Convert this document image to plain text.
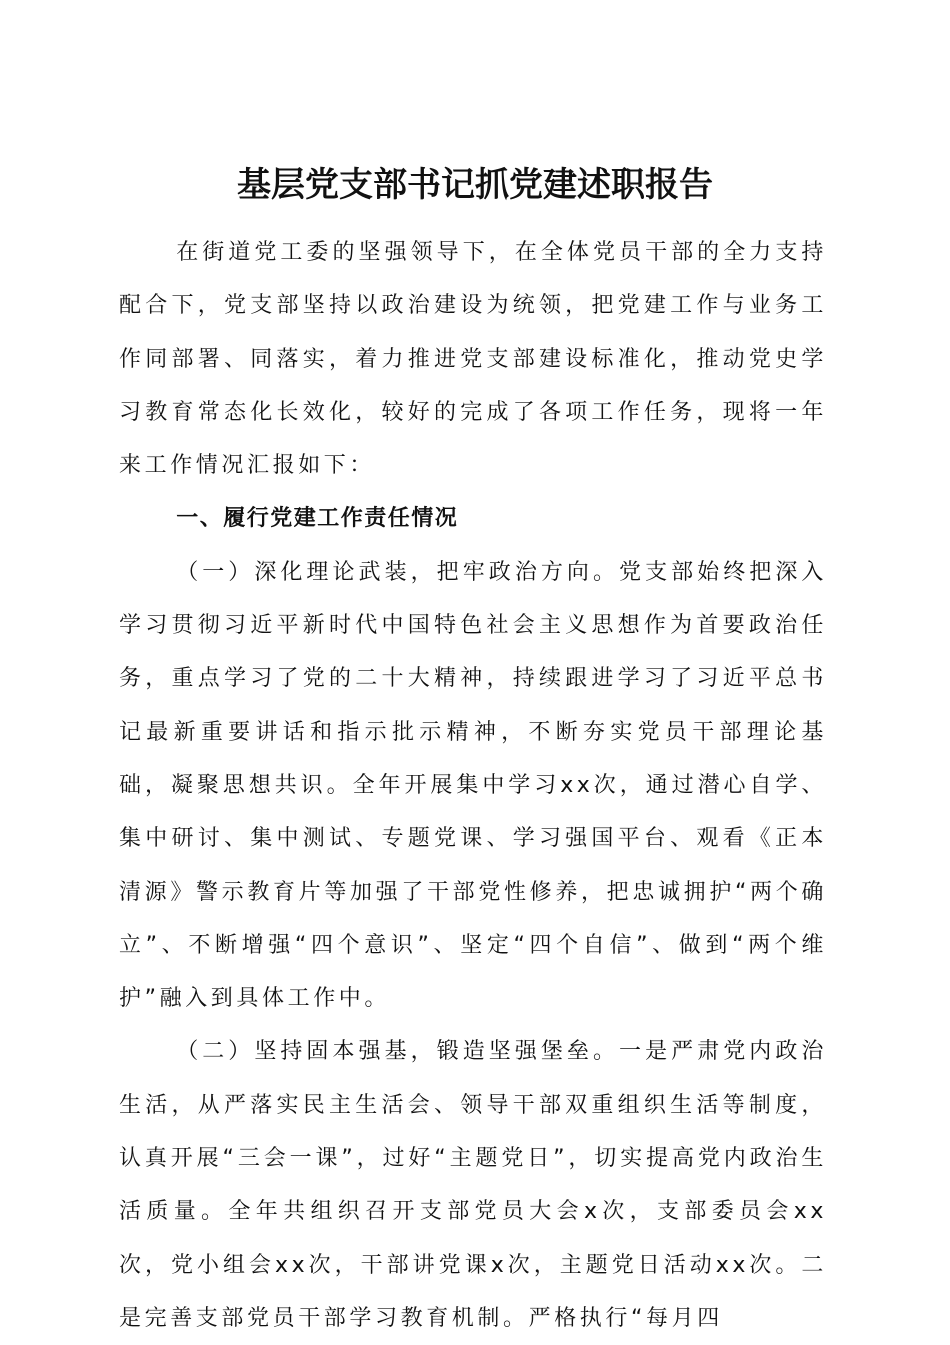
基层党支部书记抓党建述职报告

在街道党工委的坚强领导下，在全体党员干部的全力支持配合下，党支部坚持以政治建设为统领，把党建工作与业务工作同部署、同落实，着力推进党支部建设标准化，推动党史学习教育常态化长效化，较好的完成了各项工作任务，现将一年来工作情况汇报如下：

一、履行党建工作责任情况

（一）深化理论武装，把牢政治方向。党支部始终把深入学习贯彻习近平新时代中国特色社会主义思想作为首要政治任务，重点学习了党的二十大精神，持续跟进学习了习近平总书记最新重要讲话和指示批示精神，不断夯实党员干部理论基础，凝聚思想共识。全年开展集中学习xx次，通过潜心自学、集中研讨、集中测试、专题党课、学习强国平台、观看《正本清源》警示教育片等加强了干部党性修养，把忠诚拥护“两个确立”、不断增强“四个意识”、坚定“四个自信”、做到“两个维护”融入到具体工作中。

（二）坚持固本强基，锻造坚强堡垒。一是严肃党内政治生活，从严落实民主生活会、领导干部双重组织生活等制度，认真开展“三会一课”，过好“主题党日”，切实提高党内政治生活质量。全年共组织召开支部党员大会x次，支部委员会xx次，党小组会xx次，干部讲党课x次，主题党日活动xx次。二是完善支部党员干部学习教育机制。严格执行“每月四
